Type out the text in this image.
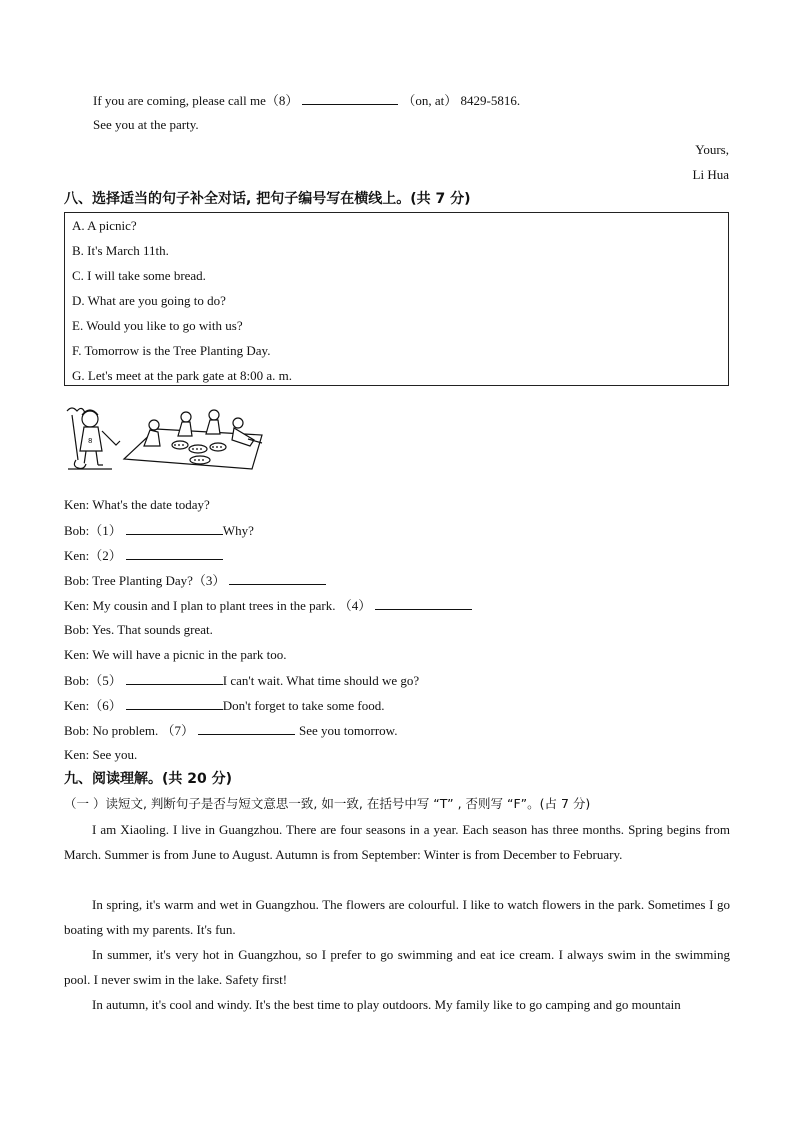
If you are coming, please call me（8）	（on, at） 8429-5816.
See you at the party.
Yours,
Li Hua
八、选择适当的句子补全对话, 把句子编号写在横线上。(共 7 分)
A. A picnic?
B. It's March 11th.
C. I will take some bread.
D. What are you going to do?
E. Would you like to go with us?
F. Tomorrow is the Tree Planting Day.
G. Let's meet at the park gate at 8:00 a. m.
8
Ken: What's the date today?
Bob:（1）	Why?
Ken:（2）
Bob: Tree Planting Day?（3）
Ken: My cousin and I plan to plant trees in the park. （4）
Bob: Yes. That sounds great.
Ken: We will have a picnic in the park too.
Bob:（5）	I can't wait. What time should we go?
Ken:（6）	Don't forget to take some food.
Bob: No problem. （7）	See you tomorrow.
Ken: See you.
九、阅读理解。(共 20 分)
（一 ）读短文, 判断句子是否与短文意思一致, 如一致, 在括号中写 “T” , 否则写 “F”。(占 7 分)
I am Xiaoling. I live in Guangzhou. There are four seasons in a year. Each season has three months. Spring begins from March. Summer is from June to August. Autumn is from September: Winter is from December to February.
In spring, it's warm and wet in Guangzhou. The flowers are colourful. I like to watch flowers in the park. Sometimes I go boating with my parents. It's fun.
In summer, it's very hot in Guangzhou, so I prefer to go swimming and eat ice cream. I always swim in the swimming pool. I never swim in the lake. Safety first!
In autumn, it's cool and windy. It's the best time to play outdoors. My family like to go camping and go mountain
